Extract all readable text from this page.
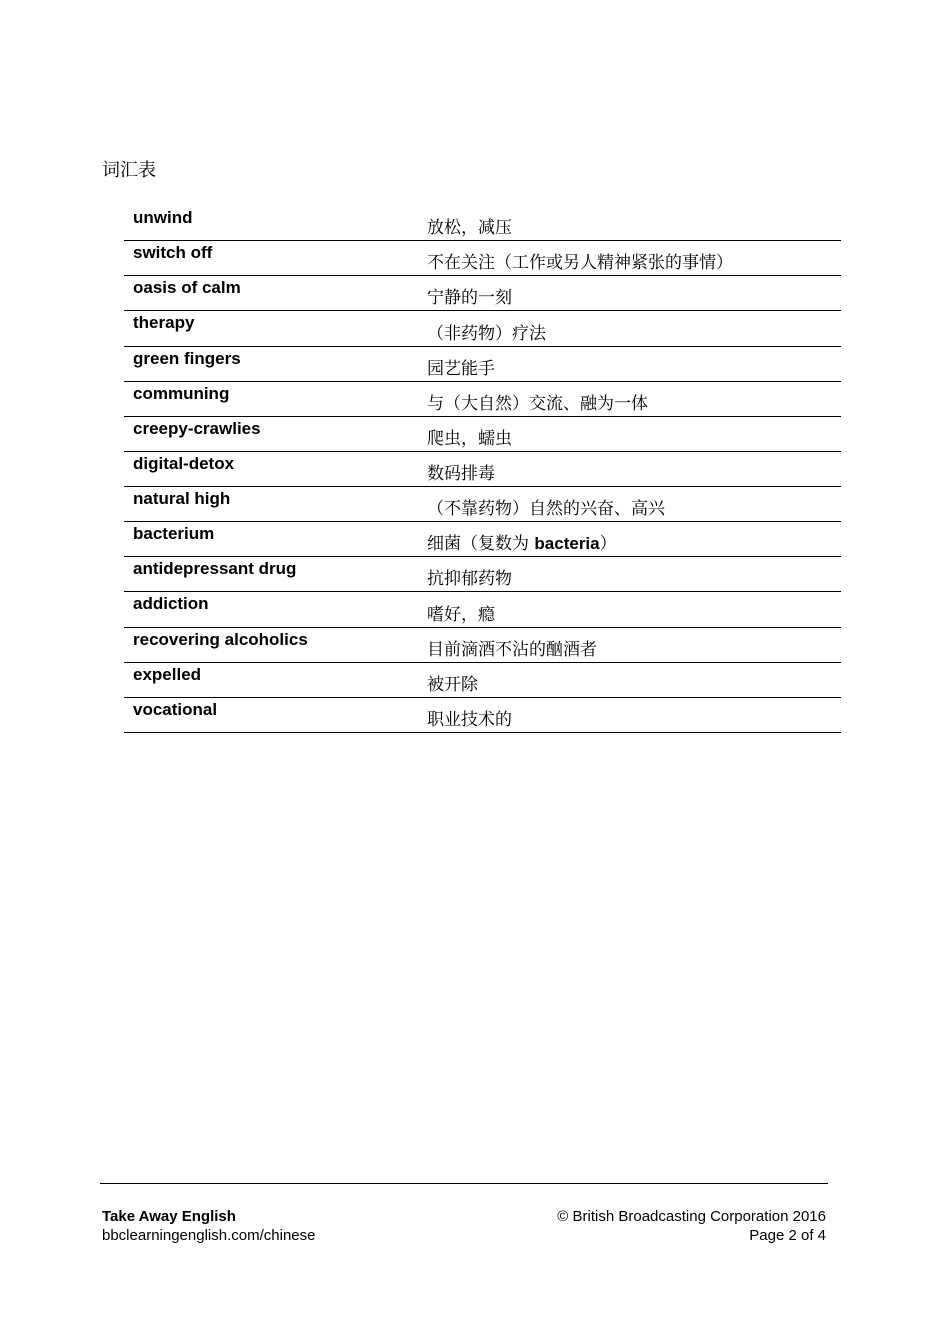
词汇表
unwind
放松，减压
switch off
不在关注（工作或另人精神紧张的事情）
oasis of calm
宁静的一刻
therapy
（非药物）疗法
green fingers
园艺能手
communing
与（大自然）交流、融为一体
creepy-crawlies
爬虫，蠕虫
digital-detox
数码排毒
natural high
（不靠药物）自然的兴奋、高兴
bacterium
细菌（复数为 bacteria）
antidepressant drug
抗抑郁药物
addiction
嗜好，瘾
recovering alcoholics
目前滴酒不沾的酗酒者
expelled
被开除
vocational
职业技术的
Take Away English
bbclearningenglish.com/chinese
© British Broadcasting Corporation 2016
Page 2 of 4
